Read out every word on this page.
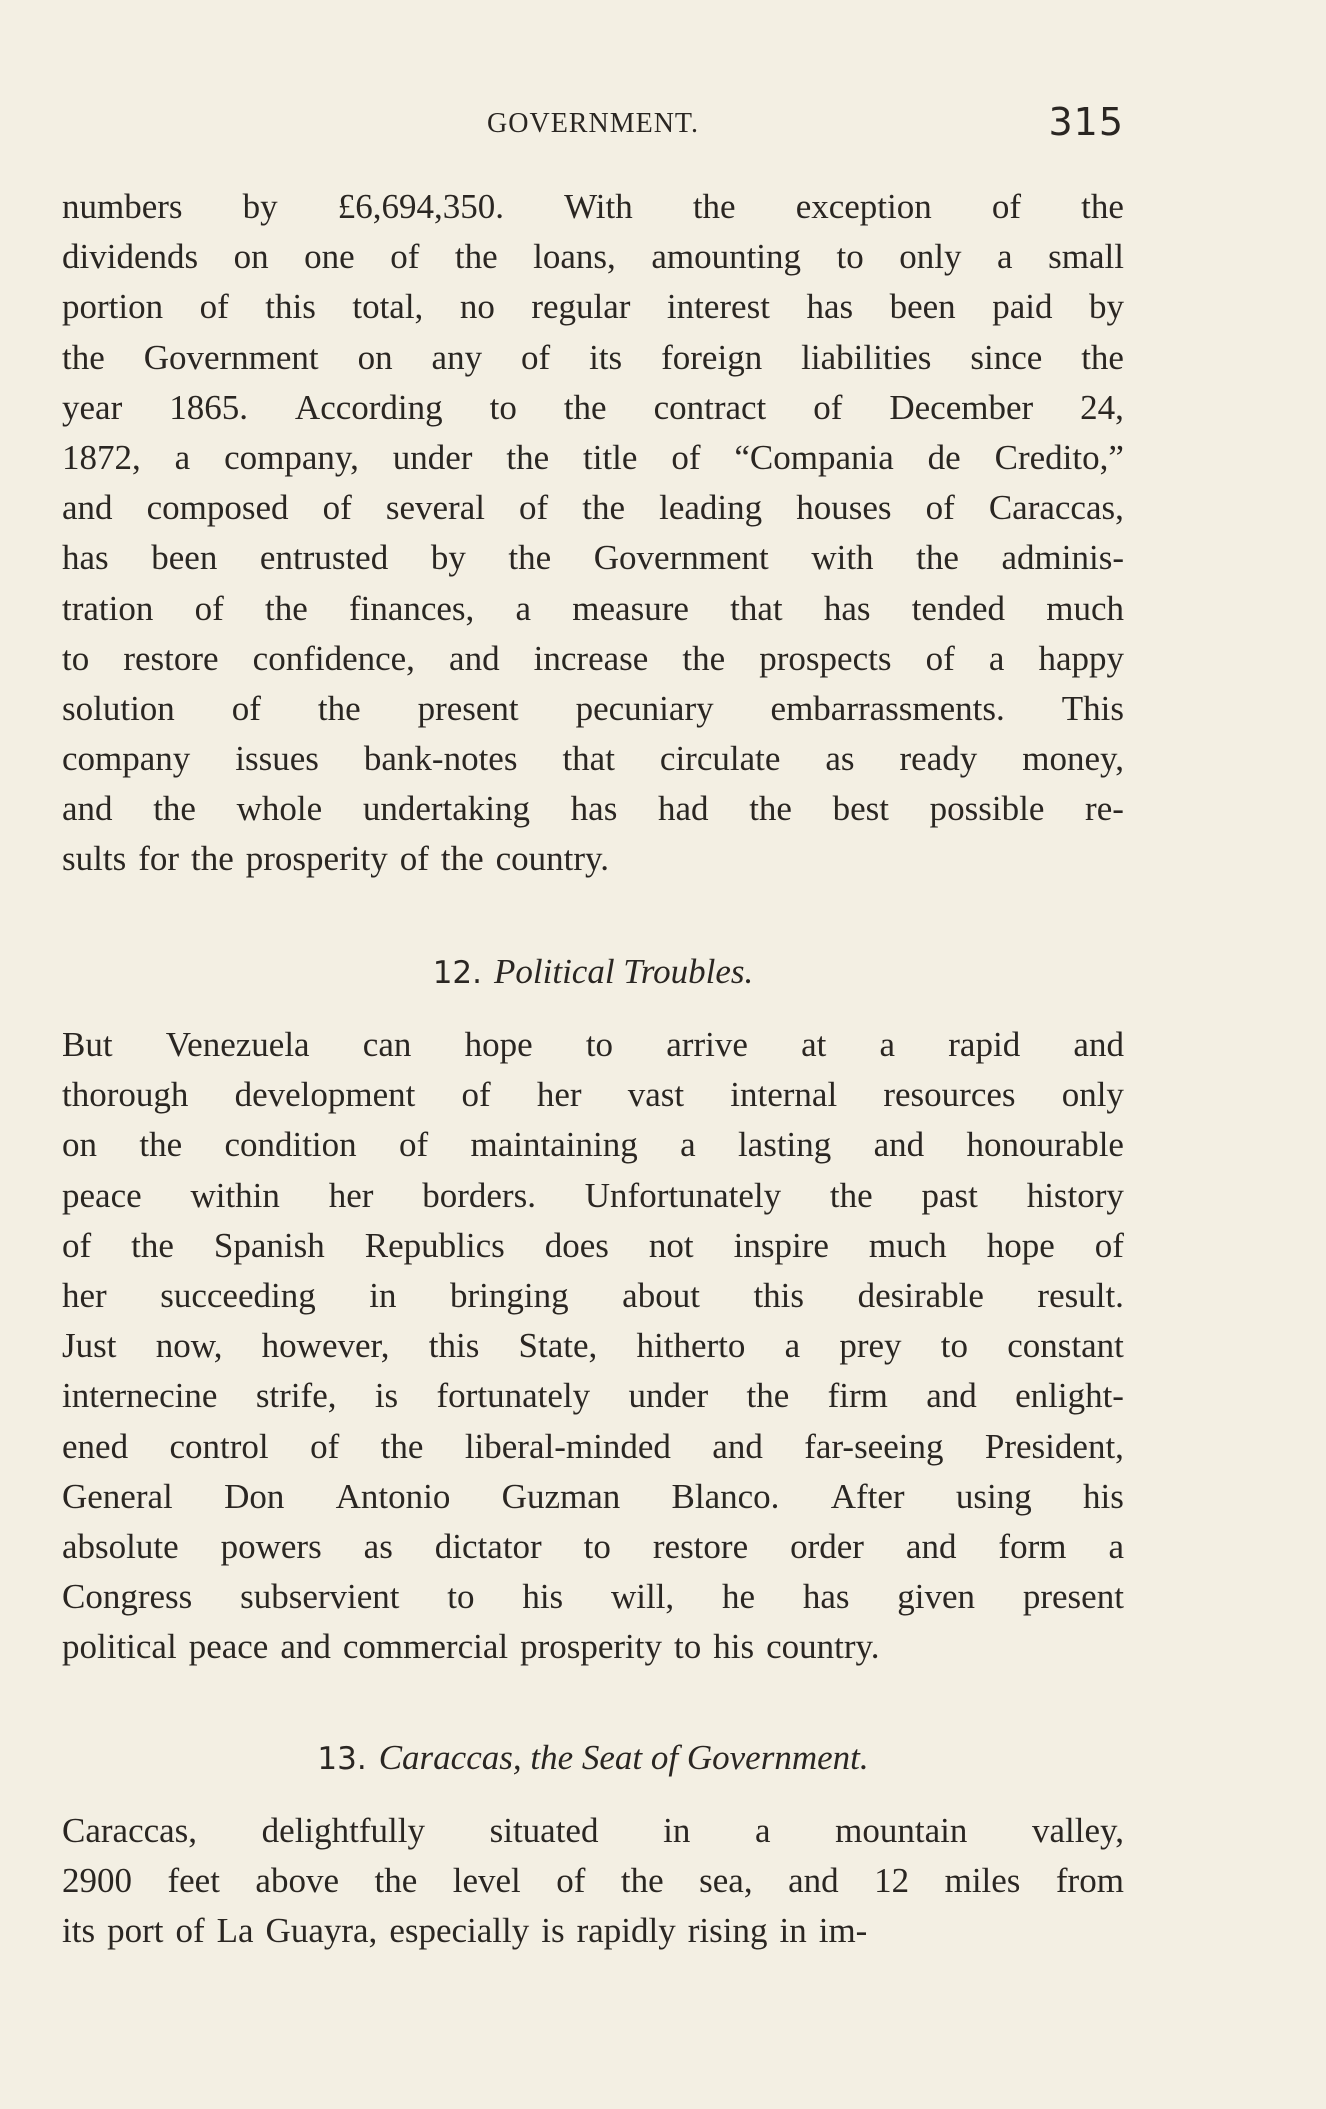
GOVERNMENT.	315
numbers by £6,694,350. With the exception of the
dividends on one of the loans, amounting to only a small
portion of this total, no regular interest has been paid by
the Government on any of its foreign liabilities since the
year 1865. According to the contract of December 24,
1872, a company, under the title of “Compania de Credito,”
and composed of several of the leading houses of Caraccas,
has been entrusted by the Government with the adminis-
tration of the finances, a measure that has tended much
to restore confidence, and increase the prospects of a happy
solution of the present pecuniary embarrassments. This
company issues bank-notes that circulate as ready money,
and the whole undertaking has had the best possible re-
sults for the prosperity of the country.
12. Political Troubles.
But Venezuela can hope to arrive at a rapid and
thorough development of her vast internal resources only
on the condition of maintaining a lasting and honourable
peace within her borders. Unfortunately the past history
of the Spanish Republics does not inspire much hope of
her succeeding in bringing about this desirable result.
Just now, however, this State, hitherto a prey to constant
internecine strife, is fortunately under the firm and enlight-
ened control of the liberal-minded and far-seeing President,
General Don Antonio Guzman Blanco. After using his
absolute powers as dictator to restore order and form a
Congress subservient to his will, he has given present
political peace and commercial prosperity to his country.
13. Caraccas, the Seat of Government.
Caraccas, delightfully situated in a mountain valley,
2900 feet above the level of the sea, and 12 miles from
its port of La Guayra, especially is rapidly rising in im-
